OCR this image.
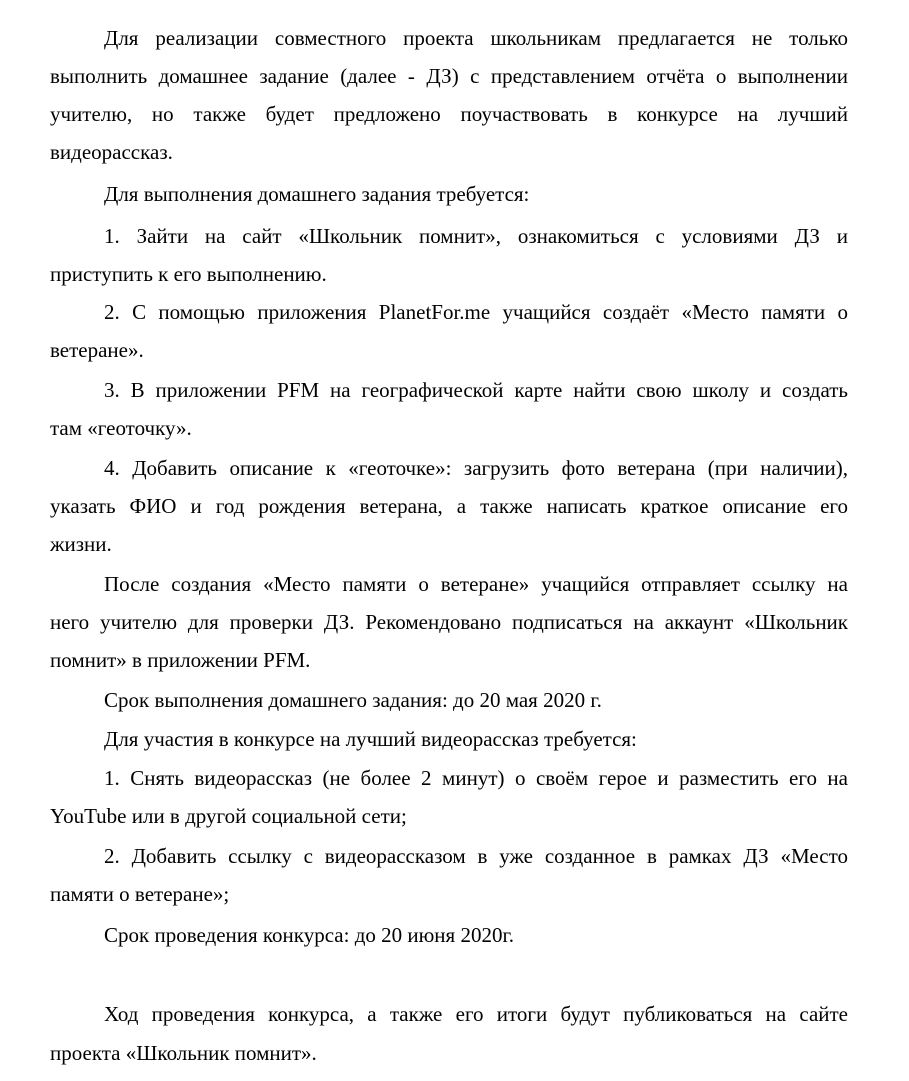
Для реализации совместного проекта школьникам предлагается не только
выполнить домашнее задание (далее - ДЗ) с представлением отчёта о выполнении
учителю, но также будет предложено поучаствовать в конкурсе на лучший
видеорассказ.
Для выполнения домашнего задания требуется:
1. Зайти на сайт «Школьник помнит», ознакомиться с условиями ДЗ и
приступить к его выполнению.
2. С помощью приложения PlanetFor.me учащийся создаёт «Место памяти о
ветеране».
3. В приложении PFM на географической карте найти свою школу и создать
там «геоточку».
4. Добавить описание к «геоточке»: загрузить фото ветерана (при наличии),
указать ФИО и год рождения ветерана, а также написать краткое описание его
жизни.
После создания «Место памяти о ветеране» учащийся отправляет ссылку на
него учителю для проверки ДЗ. Рекомендовано подписаться на аккаунт «Школьник
помнит» в приложении PFM.
Срок выполнения домашнего задания: до 20 мая 2020 г.
Для участия в конкурсе на лучший видеорассказ требуется:
1. Снять видеорассказ (не более 2 минут) о своём герое и разместить его на
YouTube или в другой социальной сети;
2. Добавить ссылку с видеорассказом в уже созданное в рамках ДЗ «Место
памяти о ветеране»;
Срок проведения конкурса: до 20 июня 2020г.
Ход проведения конкурса, а также его итоги будут публиковаться на сайте
проекта «Школьник помнит».
